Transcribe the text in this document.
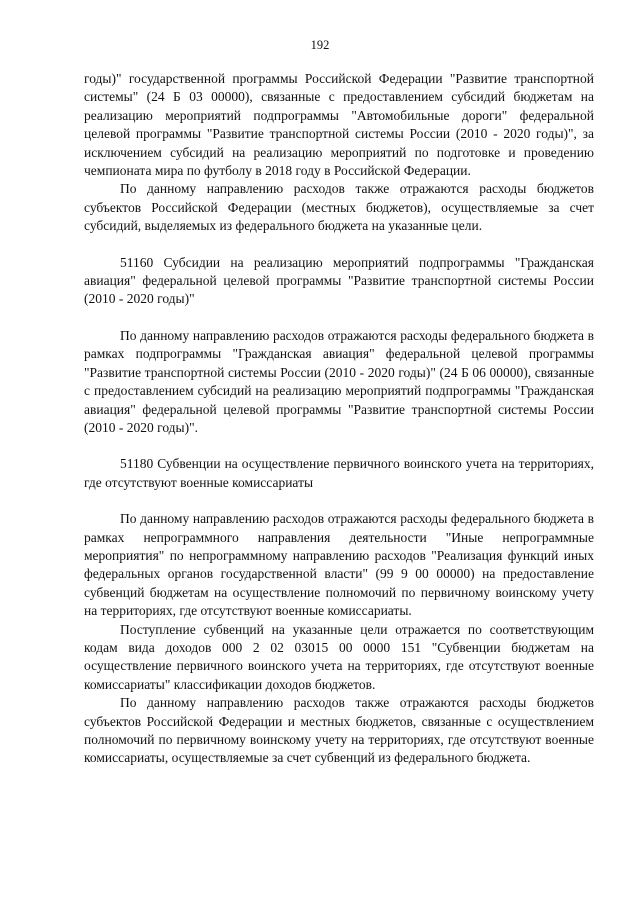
192

годы)" государственной программы Российской Федерации "Развитие транспортной системы" (24 Б 03 00000), связанные с предоставлением субсидий бюджетам на реализацию мероприятий подпрограммы "Автомобильные дороги" федеральной целевой программы "Развитие транспортной системы России (2010 - 2020 годы)", за исключением субсидий на реализацию мероприятий по подготовке и проведению чемпионата мира по футболу в 2018 году в Российской Федерации.

По данному направлению расходов также отражаются расходы бюджетов субъектов Российской Федерации (местных бюджетов), осуществляемые за счет субсидий, выделяемых из федерального бюджета на указанные цели.

51160 Субсидии на реализацию мероприятий подпрограммы "Гражданская авиация" федеральной целевой программы "Развитие транспортной системы России (2010 - 2020 годы)"

По данному направлению расходов отражаются расходы федерального бюджета в рамках подпрограммы "Гражданская авиация" федеральной целевой программы "Развитие транспортной системы России (2010 - 2020 годы)" (24 Б 06 00000), связанные с предоставлением субсидий на реализацию мероприятий подпрограммы "Гражданская авиация" федеральной целевой программы "Развитие транспортной системы России (2010 - 2020 годы)".

51180 Субвенции на осуществление первичного воинского учета на территориях, где отсутствуют военные комиссариаты

По данному направлению расходов отражаются расходы федерального бюджета в рамках непрограммного направления деятельности "Иные непрограммные мероприятия" по непрограммному направлению расходов "Реализация функций иных федеральных органов государственной власти" (99 9 00 00000) на предоставление субвенций бюджетам на осуществление полномочий по первичному воинскому учету на территориях, где отсутствуют военные комиссариаты.

Поступление субвенций на указанные цели отражается по соответствующим кодам вида доходов 000 2 02 03015 00 0000 151 "Субвенции бюджетам на осуществление первичного воинского учета на территориях, где отсутствуют военные комиссариаты" классификации доходов бюджетов.

По данному направлению расходов также отражаются расходы бюджетов субъектов Российской Федерации и местных бюджетов, связанные с осуществлением полномочий по первичному воинскому учету на территориях, где отсутствуют военные комиссариаты, осуществляемые за счет субвенций из федерального бюджета.
